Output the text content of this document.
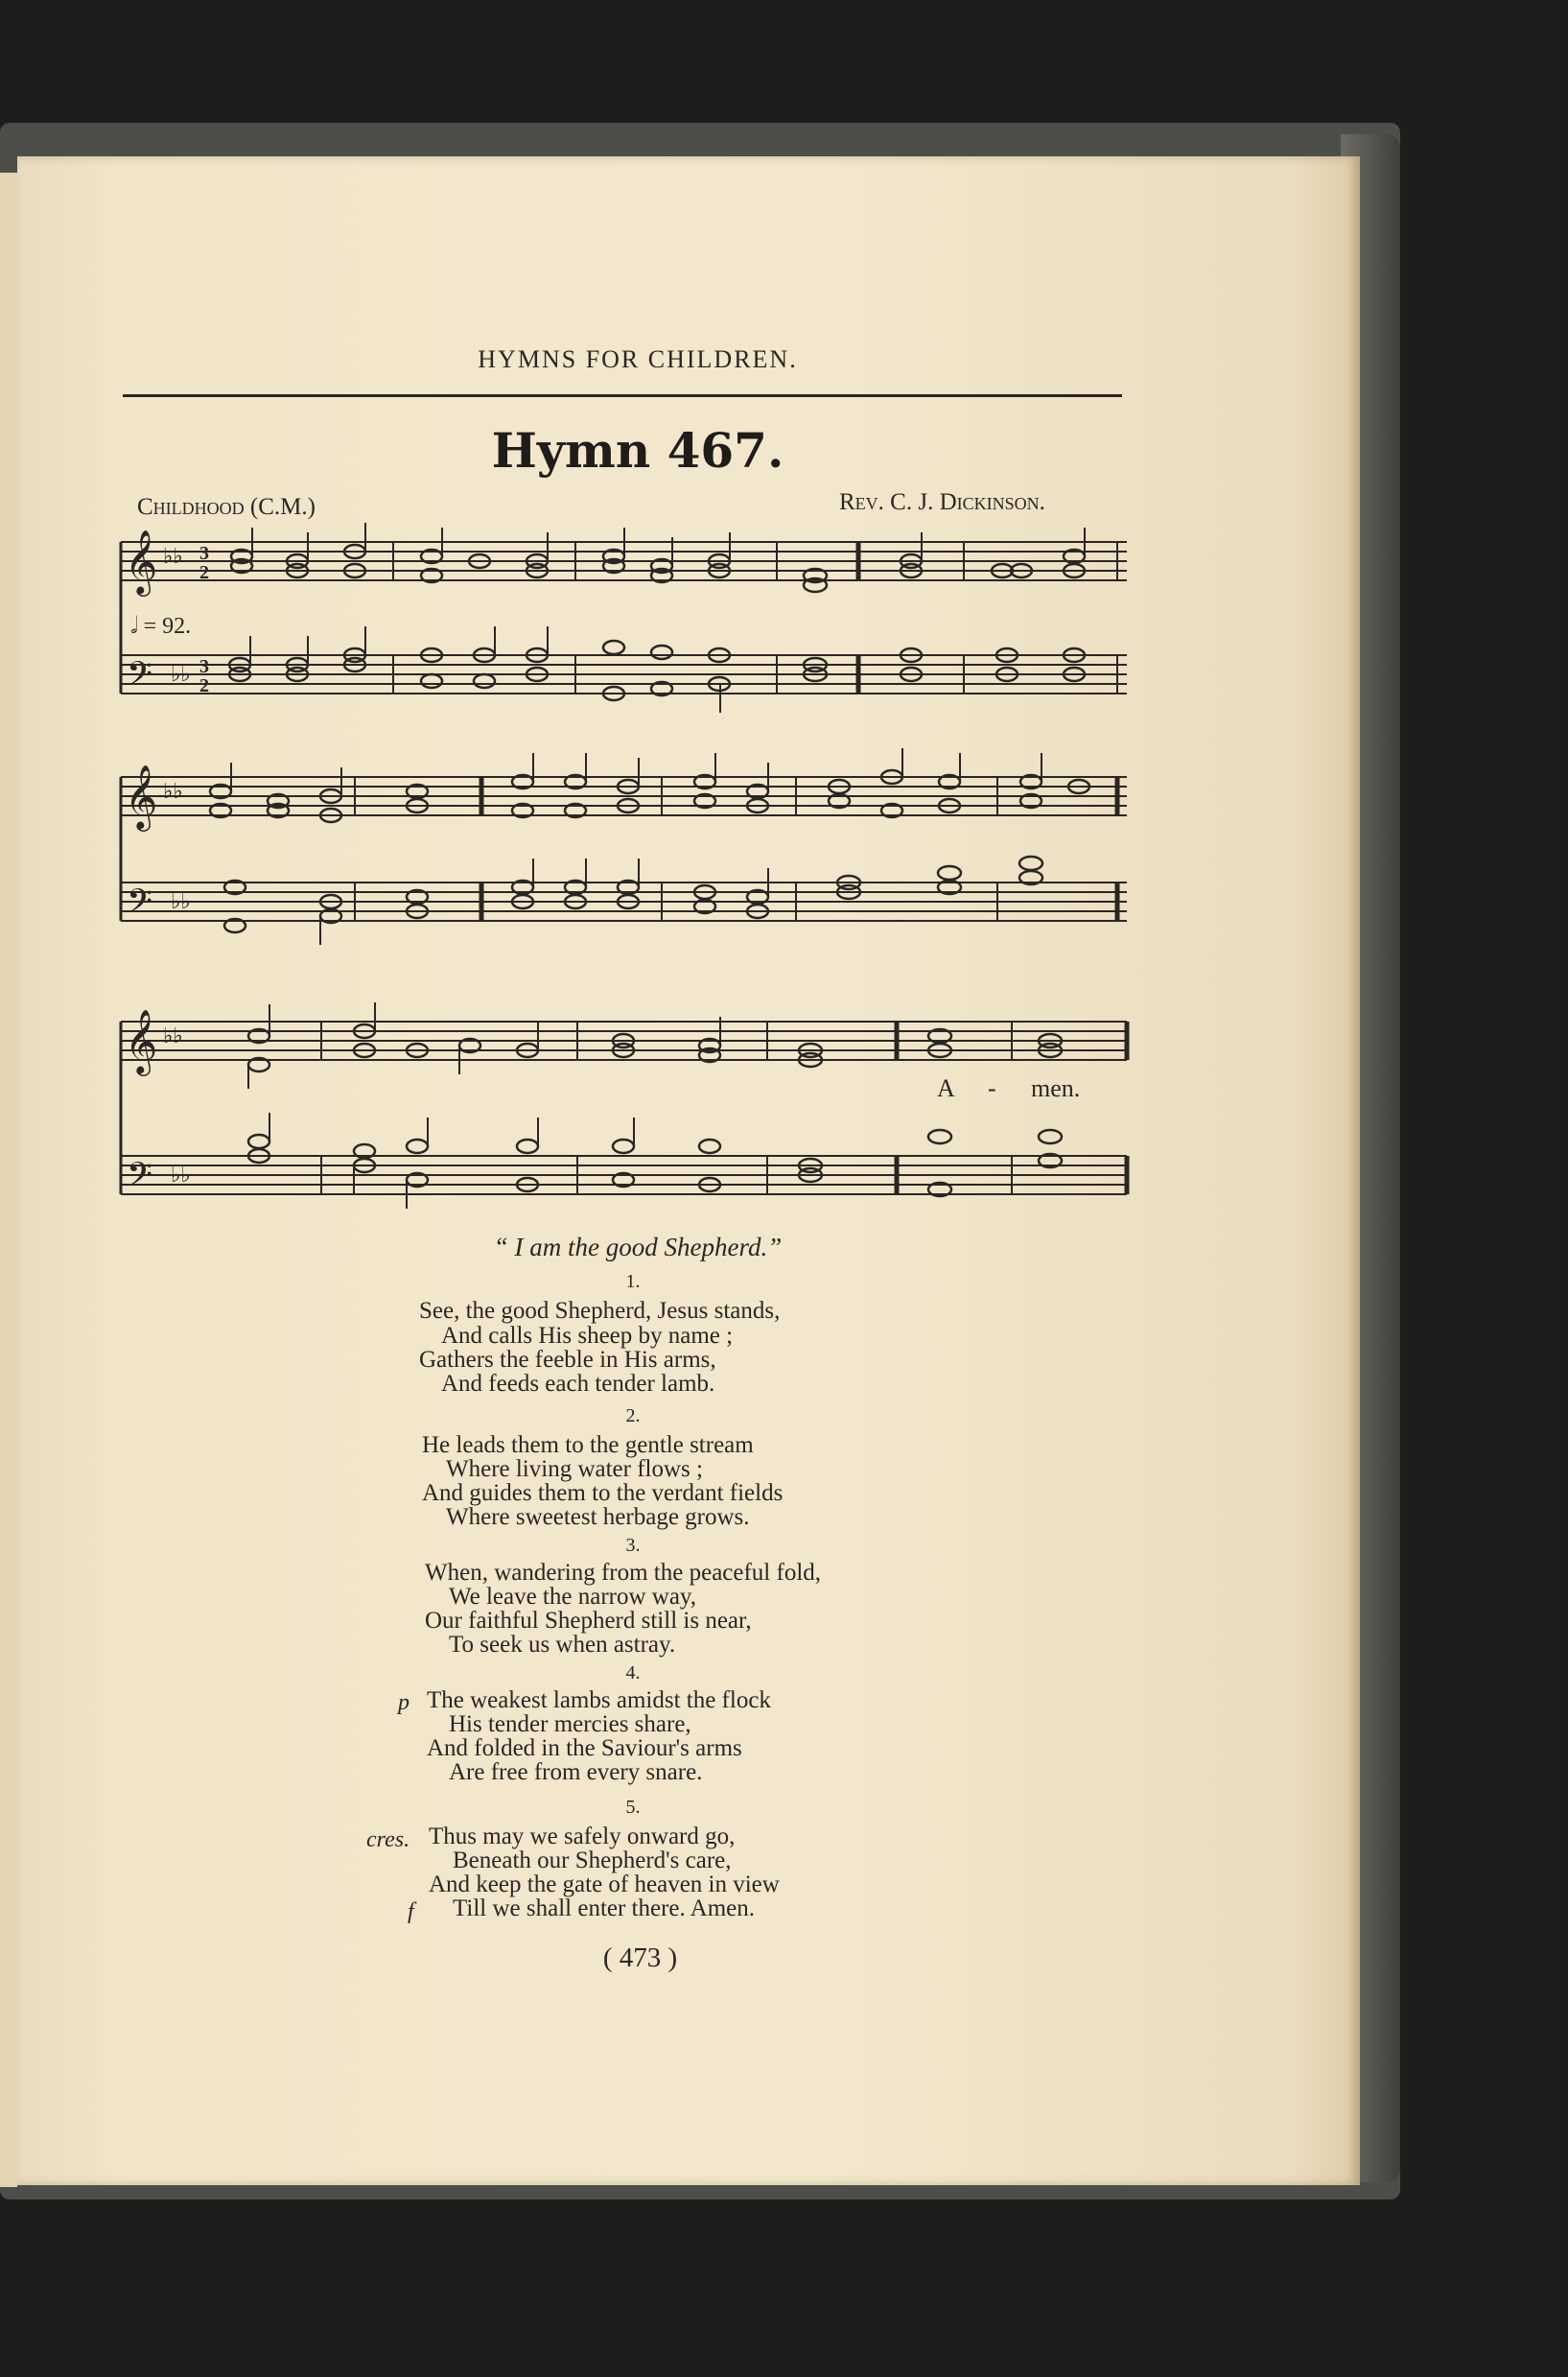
HYMNS FOR CHILDREN.
Hymn 467.
Childhood (C.M.)	Rev. C. J. Dickinson.
𝅗𝅥 = 92.
𝄞
𝄢
♭♭
♭♭
3
2
3
2
𝄞
𝄢
♭♭
♭♭
𝄞
𝄢
♭♭
♭♭
A - men.
“ I am the good Shepherd.”
1.
See, the good Shepherd, Jesus stands,
And calls His sheep by name ;
Gathers the feeble in His arms,
And feeds each tender lamb.
2.
He leads them to the gentle stream
Where living water flows ;
And guides them to the verdant fields
Where sweetest herbage grows.
3.
When, wandering from the peaceful fold,
We leave the narrow way,
Our faithful Shepherd still is near,
To seek us when astray.
4.
p The weakest lambs amidst the flock
His tender mercies share,
And folded in the Saviour's arms
Are free from every snare.
5.
cres. Thus may we safely onward go,
Beneath our Shepherd's care,
And keep the gate of heaven in view
f Till we shall enter there. Amen.
( 473 )
